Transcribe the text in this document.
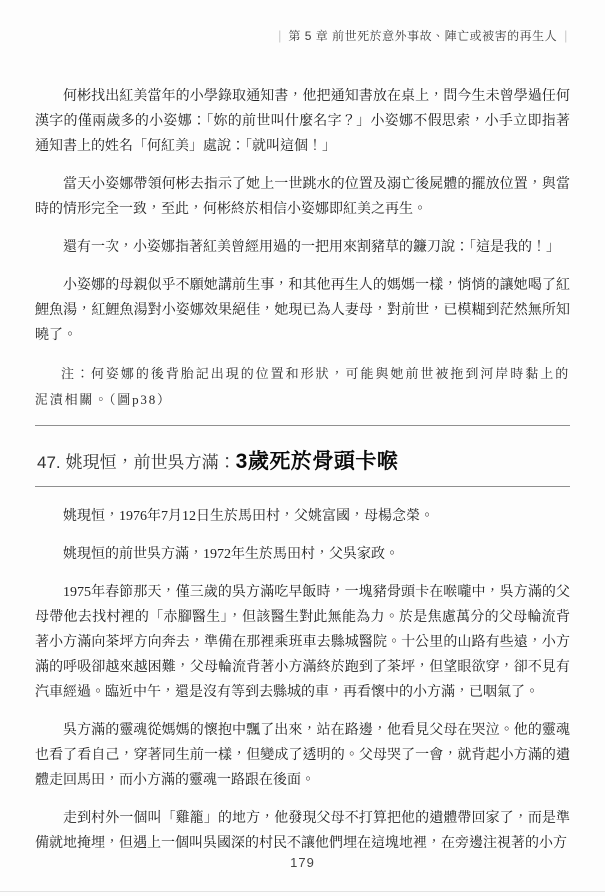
| 第 5 章 前世死於意外事故、陣亡或被害的再生人 |

何彬找出紅美當年的小學錄取通知書，他把通知書放在桌上，問今生未曾學過任何漢字的僅兩歲多的小姿娜：「妳的前世叫什麼名字？」小姿娜不假思索，小手立即指著通知書上的姓名「何紅美」處說：「就叫這個！」

當天小姿娜帶領何彬去指示了她上一世跳水的位置及溺亡後屍體的擺放位置，與當時的情形完全一致，至此，何彬終於相信小姿娜即紅美之再生。

還有一次，小姿娜指著紅美曾經用過的一把用來割豬草的鐮刀說：「這是我的！」

小姿娜的母親似乎不願她講前生事，和其他再生人的媽媽一樣，悄悄的讓她喝了紅鯉魚湯，紅鯉魚湯對小姿娜效果絕佳，她現已為人妻母，對前世，已模糊到茫然無所知曉了。

注：何姿娜的後背胎記出現的位置和形狀，可能與她前世被拖到河岸時黏上的泥漬相關。（圖p38）

47. 姚現恒，前世吳方滿：3歲死於骨頭卡喉

姚現恒，1976年7月12日生於馬田村，父姚富國，母楊念榮。

姚現恒的前世吳方滿，1972年生於馬田村，父吳家政。

1975年春節那天，僅三歲的吳方滿吃早飯時，一塊豬骨頭卡在喉嚨中，吳方滿的父母帶他去找村裡的「赤腳醫生」，但該醫生對此無能為力。於是焦慮萬分的父母輪流背著小方滿向茶坪方向奔去，準備在那裡乘班車去縣城醫院。十公里的山路有些遠，小方滿的呼吸卻越來越困難，父母輪流背著小方滿終於跑到了茶坪，但望眼欲穿，卻不見有汽車經過。臨近中午，還是沒有等到去縣城的車，再看懷中的小方滿，已咽氣了。

吳方滿的靈魂從媽媽的懷抱中飄了出來，站在路邊，他看見父母在哭泣。他的靈魂也看了看自己，穿著同生前一樣，但變成了透明的。父母哭了一會，就背起小方滿的遺體走回馬田，而小方滿的靈魂一路跟在後面。

走到村外一個叫「雞籠」的地方，他發現父母不打算把他的遺體帶回家了，而是準備就地掩埋，但遇上一個叫吳國深的村民不讓他們埋在這塊地裡，在旁邊注視著的小方

179
